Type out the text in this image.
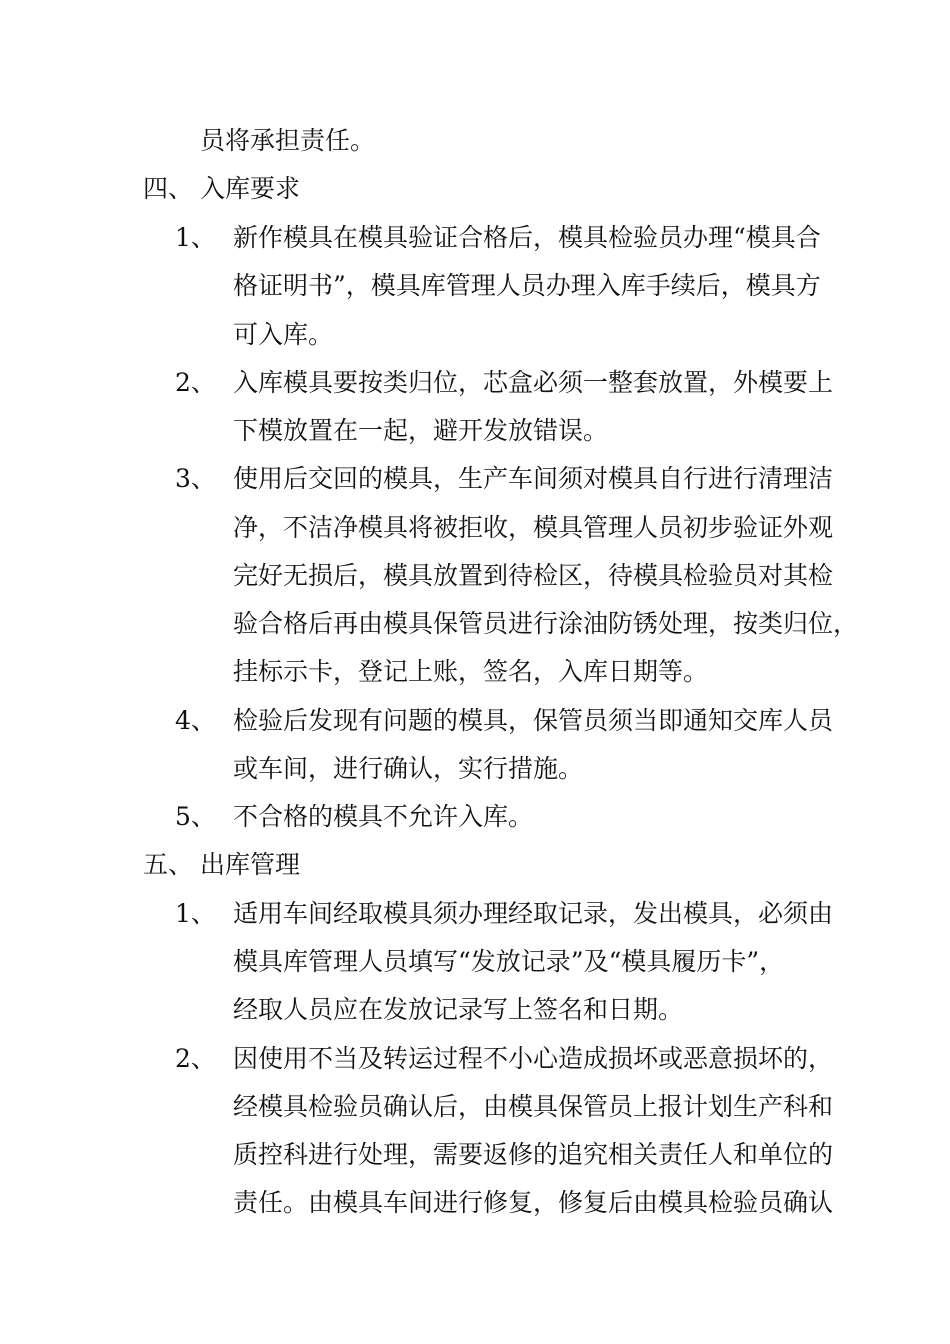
员将承担责任。
四、 入库要求
1、 新作模具在模具验证合格后，模具检验员办理“模具合
格证明书”，模具库管理人员办理入库手续后，模具方
可入库。
2、 入库模具要按类归位，芯盒必须一整套放置，外模要上
下模放置在一起，避开发放错误。
3、 使用后交回的模具，生产车间须对模具自行进行清理洁
净，不洁净模具将被拒收，模具管理人员初步验证外观
完好无损后，模具放置到待检区，待模具检验员对其检
验合格后再由模具保管员进行涂油防锈处理，按类归位，
挂标示卡，登记上账，签名，入库日期等。
4、 检验后发现有问题的模具，保管员须当即通知交库人员
或车间，进行确认，实行措施。
5、 不合格的模具不允许入库。
五、 出库管理
1、 适用车间经取模具须办理经取记录，发出模具，必须由
模具库管理人员填写“发放记录”及“模具履历卡”，
经取人员应在发放记录写上签名和日期。
2、 因使用不当及转运过程不小心造成损坏或恶意损坏的，
经模具检验员确认后，由模具保管员上报计划生产科和
质控科进行处理，需要返修的追究相关责任人和单位的
责任。由模具车间进行修复，修复后由模具检验员确认
